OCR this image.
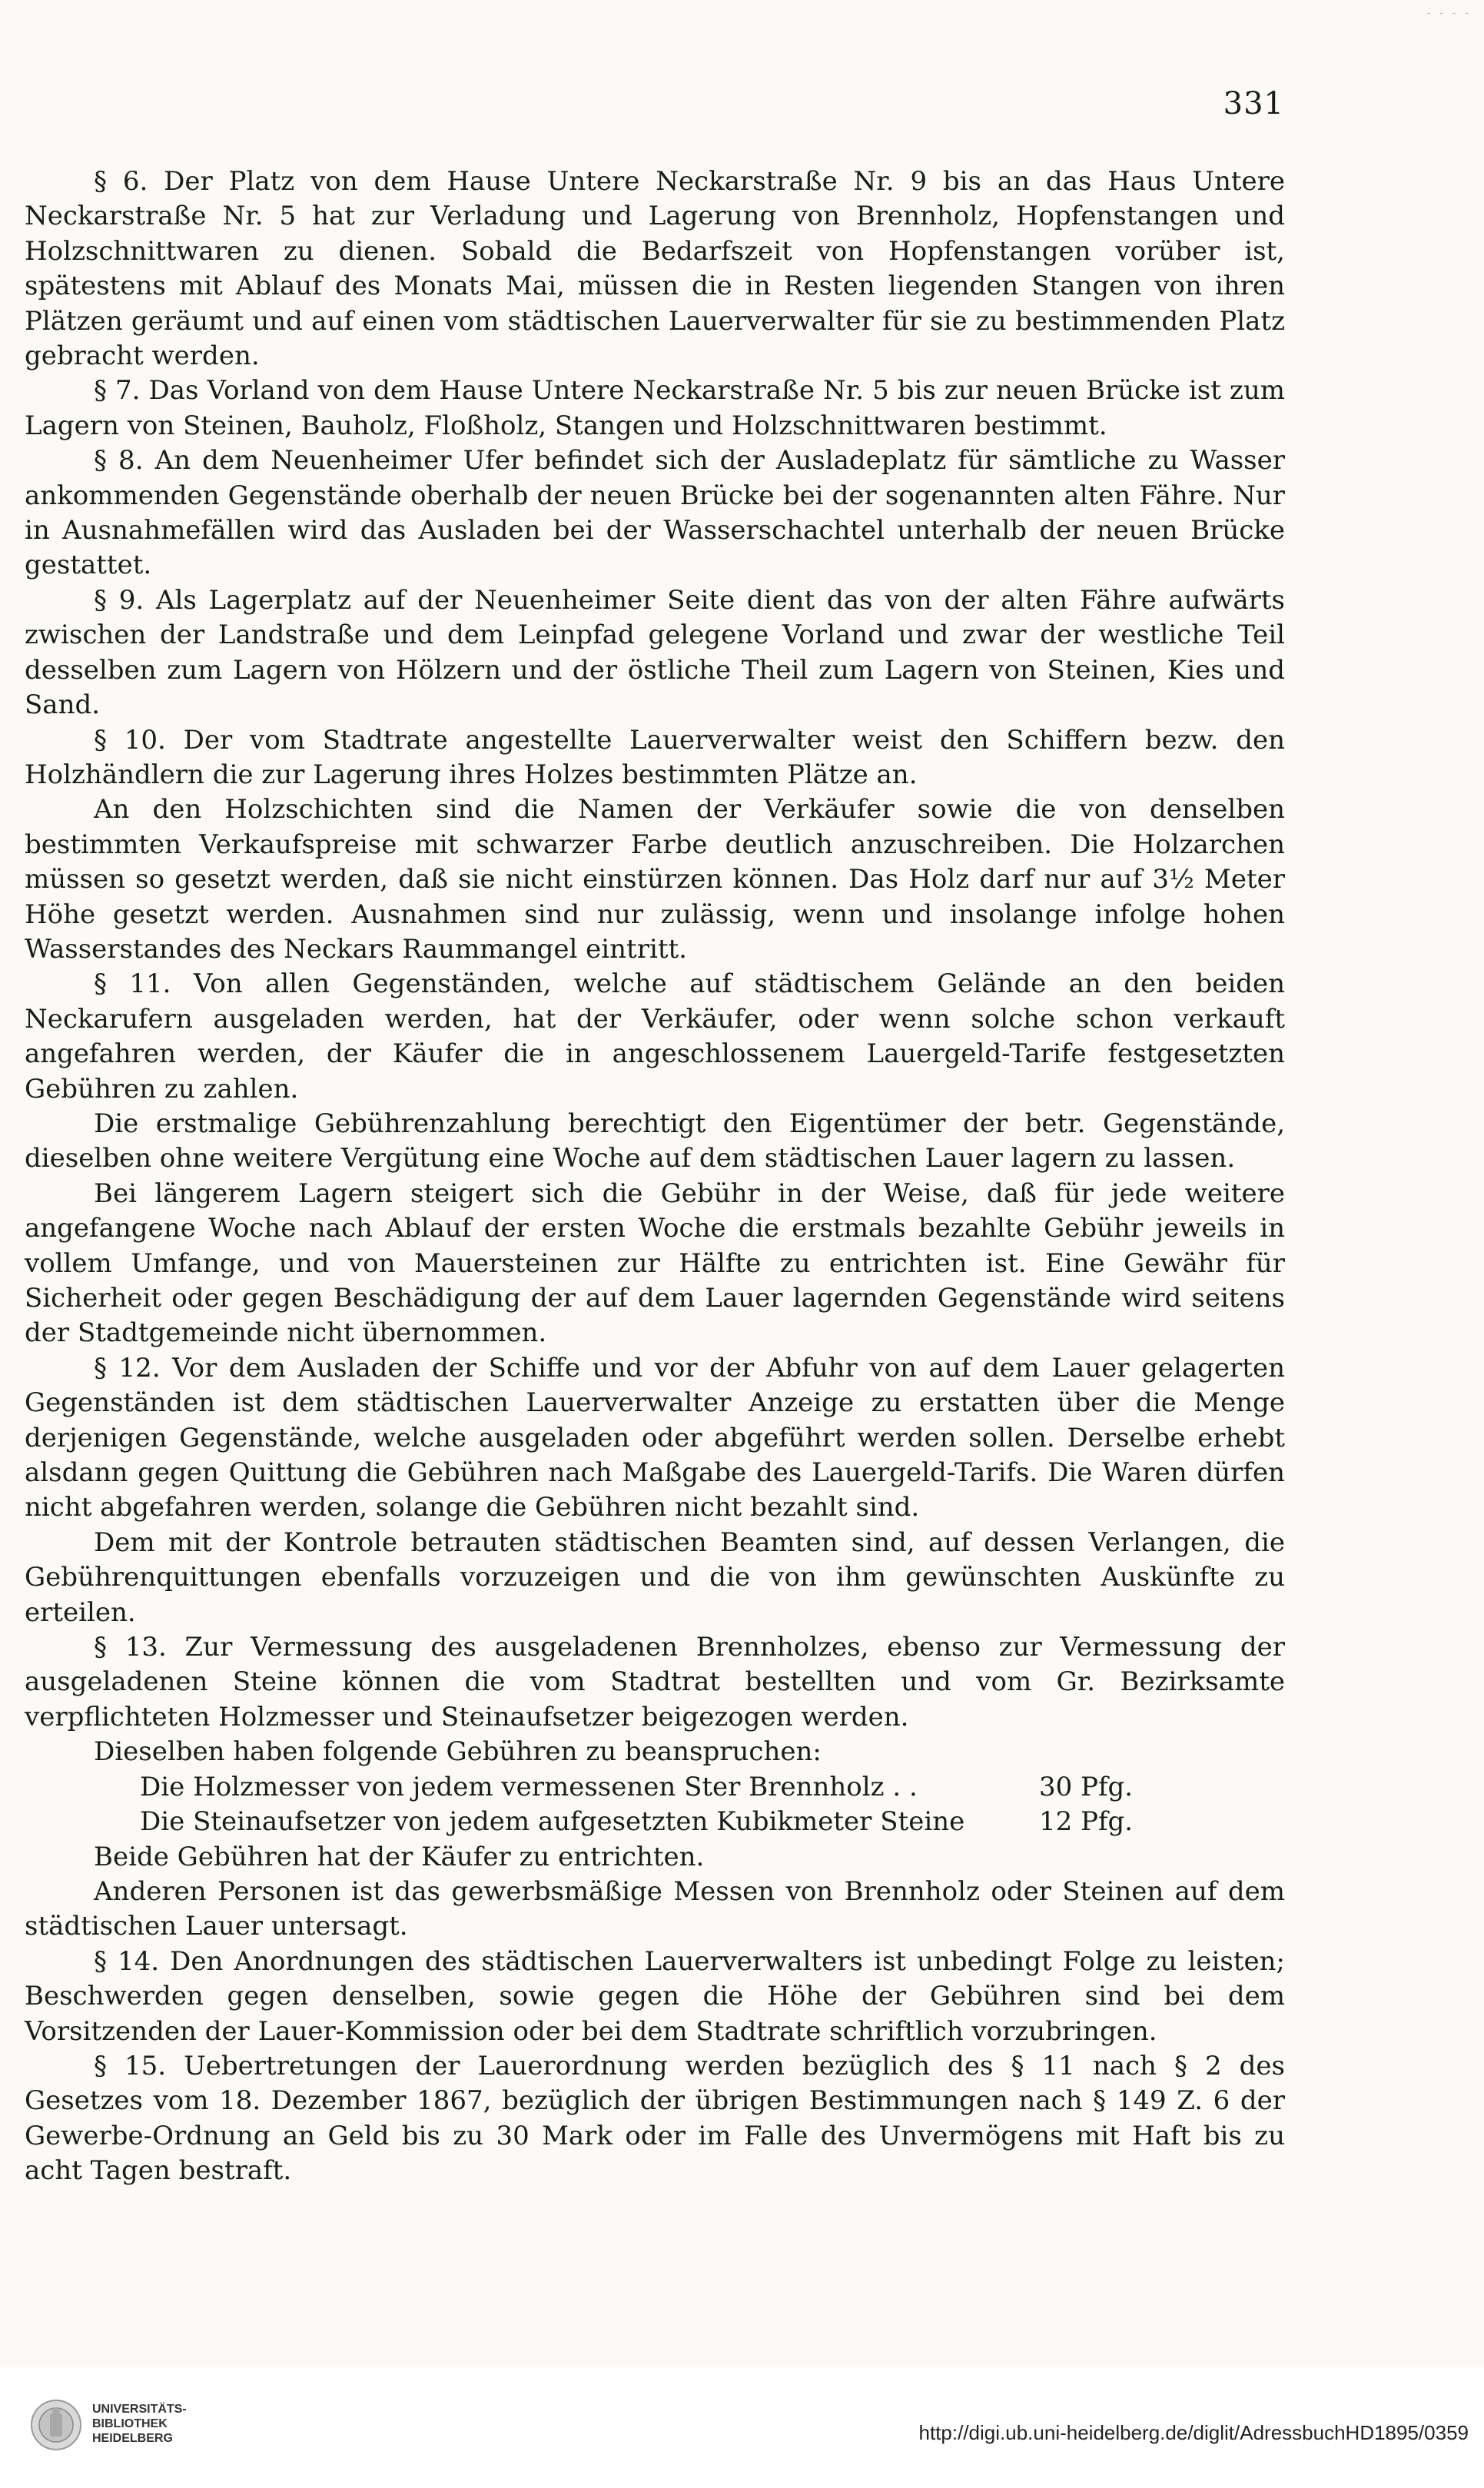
- - - -
331

§ 6. Der Platz von dem Hause Untere Neckarstraße Nr. 9 bis an das Haus Untere Neckarstraße Nr. 5 hat zur Verladung und Lagerung von Brennholz, Hopfenstangen und Holzschnittwaren zu dienen. Sobald die Bedarfszeit von Hopfenstangen vorüber ist, spätestens mit Ablauf des Monats Mai, müssen die in Resten liegenden Stangen von ihren Plätzen geräumt und auf einen vom städtischen Lauerverwalter für sie zu bestimmenden Platz gebracht werden.

§ 7. Das Vorland von dem Hause Untere Neckarstraße Nr. 5 bis zur neuen Brücke ist zum Lagern von Steinen, Bauholz, Floßholz, Stangen und Holzschnittwaren bestimmt.

§ 8. An dem Neuenheimer Ufer befindet sich der Ausladeplatz für sämtliche zu Wasser ankommenden Gegenstände oberhalb der neuen Brücke bei der sogenannten alten Fähre. Nur in Ausnahmefällen wird das Ausladen bei der Wasserschachtel unterhalb der neuen Brücke gestattet.

§ 9. Als Lagerplatz auf der Neuenheimer Seite dient das von der alten Fähre aufwärts zwischen der Landstraße und dem Leinpfad gelegene Vorland und zwar der westliche Teil desselben zum Lagern von Hölzern und der östliche Theil zum Lagern von Steinen, Kies und Sand.

§ 10. Der vom Stadtrate angestellte Lauerverwalter weist den Schiffern bezw. den Holzhändlern die zur Lagerung ihres Holzes bestimmten Plätze an.

An den Holzschichten sind die Namen der Verkäufer sowie die von denselben bestimmten Verkaufspreise mit schwarzer Farbe deutlich anzuschreiben. Die Holzarchen müssen so gesetzt werden, daß sie nicht einstürzen können. Das Holz darf nur auf 3½ Meter Höhe gesetzt werden. Ausnahmen sind nur zulässig, wenn und insolange infolge hohen Wasserstandes des Neckars Raummangel eintritt.

§ 11. Von allen Gegenständen, welche auf städtischem Gelände an den beiden Neckarufern ausgeladen werden, hat der Verkäufer, oder wenn solche schon verkauft angefahren werden, der Käufer die in angeschlossenem Lauergeld-Tarife festgesetzten Gebühren zu zahlen.

Die erstmalige Gebührenzahlung berechtigt den Eigentümer der betr. Gegenstände, dieselben ohne weitere Vergütung eine Woche auf dem städtischen Lauer lagern zu lassen.

Bei längerem Lagern steigert sich die Gebühr in der Weise, daß für jede weitere angefangene Woche nach Ablauf der ersten Woche die erstmals bezahlte Gebühr jeweils in vollem Umfange, und von Mauersteinen zur Hälfte zu entrichten ist. Eine Gewähr für Sicherheit oder gegen Beschädigung der auf dem Lauer lagernden Gegenstände wird seitens der Stadtgemeinde nicht übernommen.

§ 12. Vor dem Ausladen der Schiffe und vor der Abfuhr von auf dem Lauer gelagerten Gegenständen ist dem städtischen Lauerverwalter Anzeige zu erstatten über die Menge derjenigen Gegenstände, welche ausgeladen oder abgeführt werden sollen. Derselbe erhebt alsdann gegen Quittung die Gebühren nach Maßgabe des Lauergeld-Tarifs. Die Waren dürfen nicht abgefahren werden, solange die Gebühren nicht bezahlt sind.

Dem mit der Kontrole betrauten städtischen Beamten sind, auf dessen Verlangen, die Gebührenquittungen ebenfalls vorzuzeigen und die von ihm gewünschten Auskünfte zu erteilen.

§ 13. Zur Vermessung des ausgeladenen Brennholzes, ebenso zur Vermessung der ausgeladenen Steine können die vom Stadtrat bestellten und vom Gr. Bezirksamte verpflichteten Holzmesser und Steinaufsetzer beigezogen werden.

Dieselben haben folgende Gebühren zu beanspruchen:

Die Holzmesser von jedem vermessenen Ster Brennholz . .	30 Pfg.
Die Steinaufsetzer von jedem aufgesetzten Kubikmeter Steine	12 Pfg.

Beide Gebühren hat der Käufer zu entrichten.

Anderen Personen ist das gewerbsmäßige Messen von Brennholz oder Steinen auf dem städtischen Lauer untersagt.

§ 14. Den Anordnungen des städtischen Lauerverwalters ist unbedingt Folge zu leisten; Beschwerden gegen denselben, sowie gegen die Höhe der Gebühren sind bei dem Vorsitzenden der Lauer-Kommission oder bei dem Stadtrate schriftlich vorzubringen.

§ 15. Uebertretungen der Lauerordnung werden bezüglich des § 11 nach § 2 des Gesetzes vom 18. Dezember 1867, bezüglich der übrigen Bestimmungen nach § 149 Z. 6 der Gewerbe-Ordnung an Geld bis zu 30 Mark oder im Falle des Unvermögens mit Haft bis zu acht Tagen bestraft.

UNIVERSITÄTS-
BIBLIOTHEK
HEIDELBERG	http://digi.ub.uni-heidelberg.de/diglit/AdressbuchHD1895/0359
